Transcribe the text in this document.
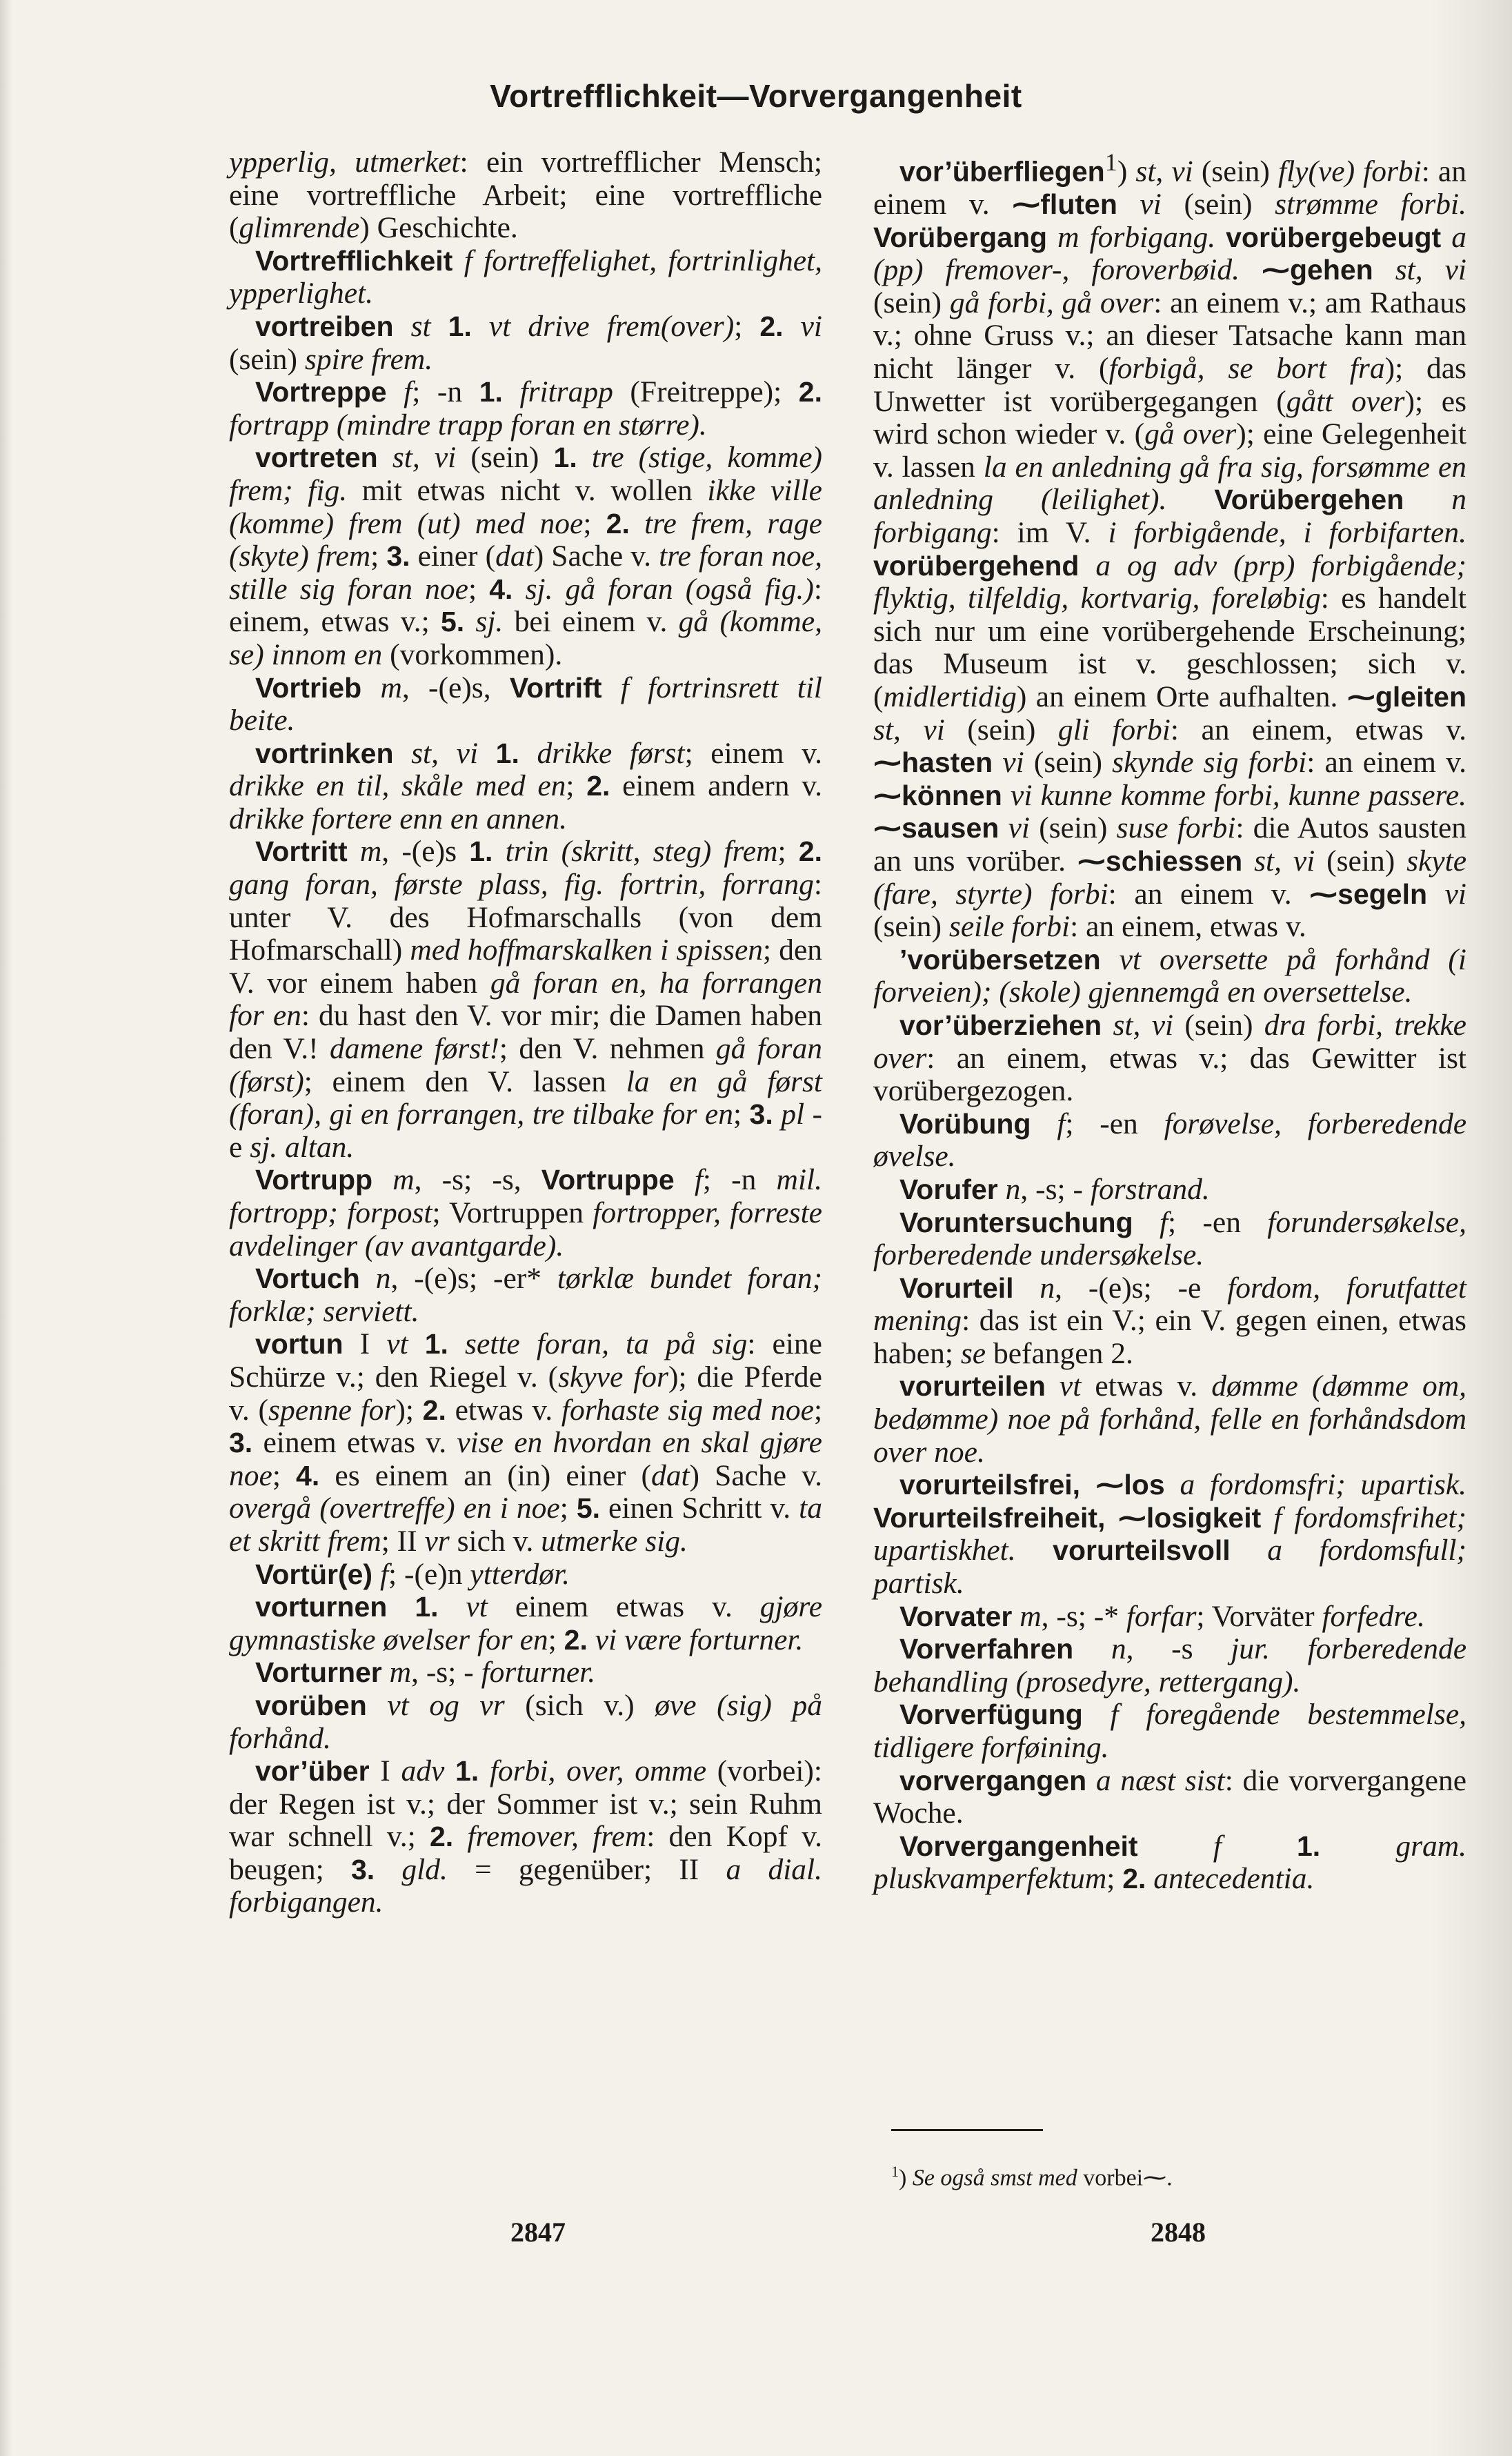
Vortrefflichkeit—Vorvergangenheit

ypperlig, utmerket: ein vortrefflicher Mensch; eine vortreffliche Arbeit; eine vortreffliche (glimrende) Geschichte.

Vortrefflichkeit f fortreffelighet, fortrinlighet, ypperlighet.

vortreiben st 1. vt drive frem(over); 2. vi (sein) spire frem.

Vortreppe f; -n 1. fritrapp (Freitreppe); 2. fortrapp (mindre trapp foran en større).

vortreten st, vi (sein) 1. tre (stige, komme) frem; fig. mit etwas nicht v. wollen ikke ville (komme) frem (ut) med noe; 2. tre frem, rage (skyte) frem; 3. einer (dat) Sache v. tre foran noe, stille sig foran noe; 4. sj. gå foran (også fig.): einem, etwas v.; 5. sj. bei einem v. gå (komme, se) innom en (vorkommen).

Vortrieb m, -(e)s, Vortrift f fortrinsrett til beite.

vortrinken st, vi 1. drikke først; einem v. drikke en til, skåle med en; 2. einem andern v. drikke fortere enn en annen.

Vortritt m, -(e)s 1. trin (skritt, steg) frem; 2. gang foran, første plass, fig. fortrin, forrang: unter V. des Hofmarschalls (von dem Hofmarschall) med hoffmarskalken i spissen; den V. vor einem haben gå foran en, ha forrangen for en: du hast den V. vor mir; die Damen haben den V.! damene først!; den V. nehmen gå foran (først); einem den V. lassen la en gå først (foran), gi en forrangen, tre tilbake for en; 3. pl -e sj. altan.

Vortrupp m, -s; -s, Vortruppe f; -n mil. fortropp; forpost; Vortruppen fortropper, forreste avdelinger (av avantgarde).

Vortuch n, -(e)s; -er* tørklæ bundet foran; forklæ; serviett.

vortun I vt 1. sette foran, ta på sig: eine Schürze v.; den Riegel v. (skyve for); die Pferde v. (spenne for); 2. etwas v. forhaste sig med noe; 3. einem etwas v. vise en hvordan en skal gjøre noe; 4. es einem an (in) einer (dat) Sache v. overgå (overtreffe) en i noe; 5. einen Schritt v. ta et skritt frem; II vr sich v. utmerke sig.

Vortür(e) f; -(e)n ytterdør.

vorturnen 1. vt einem etwas v. gjøre gymnastiske øvelser for en; 2. vi være forturner.

Vorturner m, -s; - forturner.

vorüben vt og vr (sich v.) øve (sig) på forhånd.

vor’über I adv 1. forbi, over, omme (vorbei): der Regen ist v.; der Sommer ist v.; sein Ruhm war schnell v.; 2. fremover, frem: den Kopf v. beugen; 3. gld. = gegenüber; II a dial. forbigangen.

vor’überfliegen$^1$) st, vi (sein) fly(ve) forbi: an einem v. ⁓fluten vi (sein) strømme forbi. Vorübergang m forbigang. vorübergebeugt a (pp) fremover-, foroverbøid. ⁓gehen st, vi (sein) gå forbi, gå over: an einem v.; am Rathaus v.; ohne Gruss v.; an dieser Tatsache kann man nicht länger v. (forbigå, se bort fra); das Unwetter ist vorübergegangen (gått over); es wird schon wieder v. (gå over); eine Gelegenheit v. lassen la en anledning gå fra sig, forsømme en anledning (leilighet). Vorübergehen n forbigang: im V. i forbigående, i forbifarten. vorübergehend a og adv (prp) forbigående; flyktig, tilfeldig, kortvarig, foreløbig: es handelt sich nur um eine vorübergehende Erscheinung; das Museum ist v. geschlossen; sich v. (midlertidig) an einem Orte aufhalten. ⁓gleiten st, vi (sein) gli forbi: an einem, etwas v. ⁓hasten vi (sein) skynde sig forbi: an einem v. ⁓können vi kunne komme forbi, kunne passere. ⁓sausen vi (sein) suse forbi: die Autos sausten an uns vorüber. ⁓schiessen st, vi (sein) skyte (fare, styrte) forbi: an einem v. ⁓segeln vi (sein) seile forbi: an einem, etwas v.

’vorübersetzen vt oversette på forhånd (i forveien); (skole) gjennemgå en oversettelse.

vor’überziehen st, vi (sein) dra forbi, trekke over: an einem, etwas v.; das Gewitter ist vorübergezogen.

Vorübung f; -en forøvelse, forberedende øvelse.

Vorufer n, -s; - forstrand.

Voruntersuchung f; -en forundersøkelse, forberedende undersøkelse.

Vorurteil n, -(e)s; -e fordom, forutfattet mening: das ist ein V.; ein V. gegen einen, etwas haben; se befangen 2.

vorurteilen vt etwas v. dømme (dømme om, bedømme) noe på forhånd, felle en forhåndsdom over noe.

vorurteilsfrei, ⁓los a fordomsfri; upartisk. Vorurteilsfreiheit, ⁓losigkeit f fordomsfrihet; upartiskhet. vorurteilsvoll a fordomsfull; partisk.

Vorvater m, -s; -* forfar; Vorväter forfedre.

Vorverfahren n, -s jur. forberedende behandling (prosedyre, rettergang).

Vorverfügung f foregående bestemmelse, tidligere forføining.

vorvergangen a næst sist: die vorvergangene Woche.

Vorvergangenheit	f	1.	gram. pluskvamperfektum; 2. antecedentia.

$^1$) Se også smst med vorbei⁓.
2847	2848
